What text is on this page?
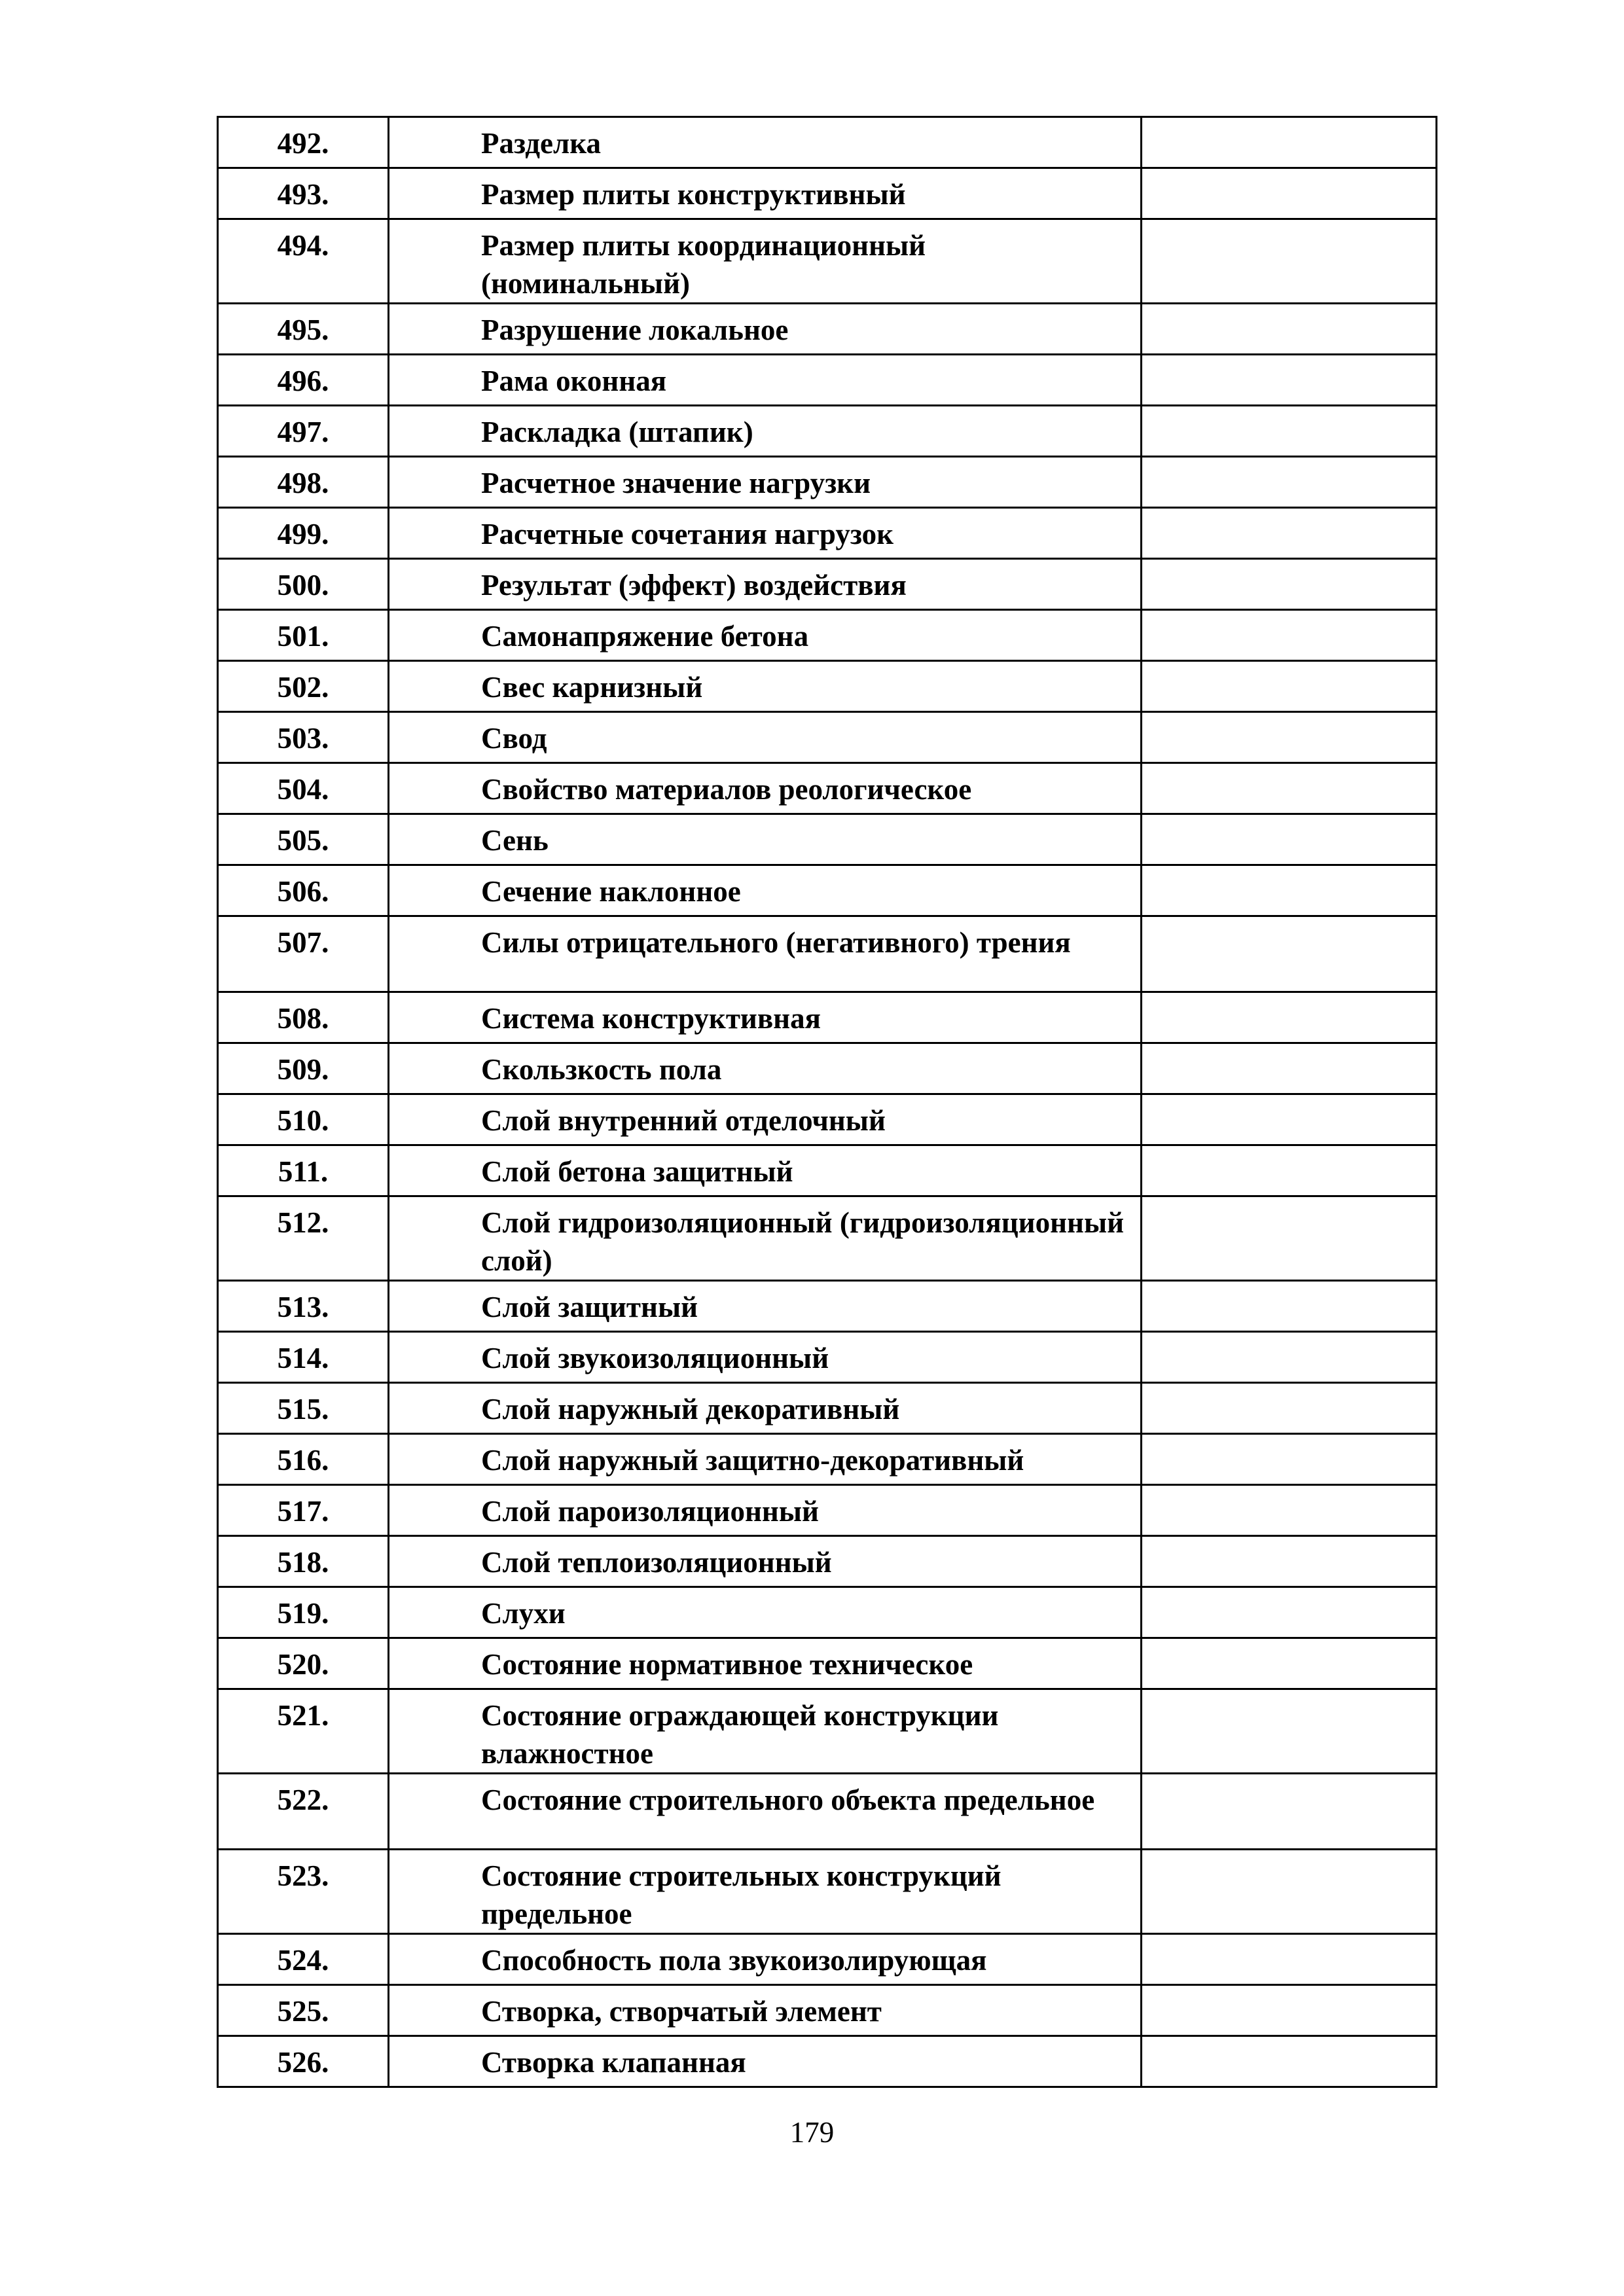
492.	Разделка	
493.	Размер плиты конструктивный	
494.	Размер плиты координационный (номинальный)	
495.	Разрушение локальное	
496.	Рама оконная	
497.	Раскладка (штапик)	
498.	Расчетное значение нагрузки	
499.	Расчетные сочетания нагрузок	
500.	Результат (эффект) воздействия	
501.	Самонапряжение бетона	
502.	Свес карнизный	
503.	Свод	
504.	Свойство материалов реологическое	
505.	Сень	
506.	Сечение наклонное	
507.	Силы отрицательного (негативного) трения	
508.	Система конструктивная	
509.	Скользкость пола	
510.	Слой внутренний отделочный	
511.	Слой бетона защитный	
512.	Слой гидроизоляционный (гидроизоляционный слой)	
513.	Слой защитный	
514.	Слой звукоизоляционный	
515.	Слой наружный декоративный	
516.	Слой наружный защитно-декоративный	
517.	Слой пароизоляционный	
518.	Слой теплоизоляционный	
519.	Слухи	
520.	Состояние нормативное техническое	
521.	Состояние ограждающей конструкции влажностное	
522.	Состояние строительного объекта предельное	
523.	Состояние строительных конструкций предельное	
524.	Способность пола звукоизолирующая	
525.	Створка, створчатый элемент	
526.	Створка клапанная	
179
